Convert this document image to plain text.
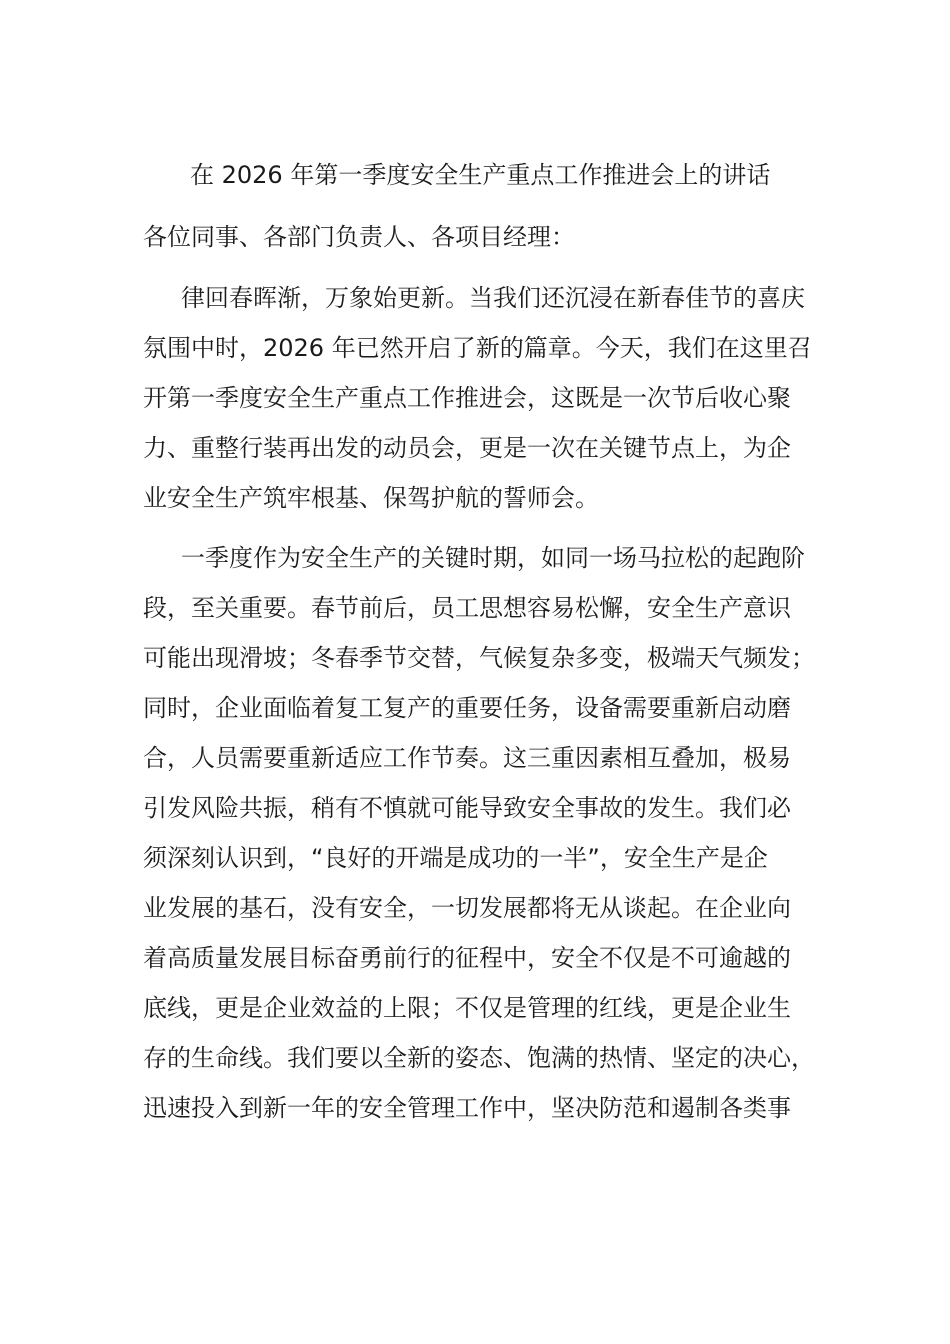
在 2026 年第一季度安全生产重点工作推进会上的讲话
各位同事、各部门负责人、各项目经理：
律回春晖渐，万象始更新。当我们还沉浸在新春佳节的喜庆
氛围中时，2026 年已然开启了新的篇章。今天，我们在这里召
开第一季度安全生产重点工作推进会，这既是一次节后收心聚
力、重整行装再出发的动员会，更是一次在关键节点上，为企
业安全生产筑牢根基、保驾护航的誓师会。
一季度作为安全生产的关键时期，如同一场马拉松的起跑阶
段，至关重要。春节前后，员工思想容易松懈，安全生产意识
可能出现滑坡；冬春季节交替，气候复杂多变，极端天气频发；
同时，企业面临着复工复产的重要任务，设备需要重新启动磨
合，人员需要重新适应工作节奏。这三重因素相互叠加，极易
引发风险共振，稍有不慎就可能导致安全事故的发生。我们必
须深刻认识到，“良好的开端是成功的一半”，安全生产是企
业发展的基石，没有安全，一切发展都将无从谈起。在企业向
着高质量发展目标奋勇前行的征程中，安全不仅是不可逾越的
底线，更是企业效益的上限；不仅是管理的红线，更是企业生
存的生命线。我们要以全新的姿态、饱满的热情、坚定的决心，
迅速投入到新一年的安全管理工作中，坚决防范和遏制各类事
